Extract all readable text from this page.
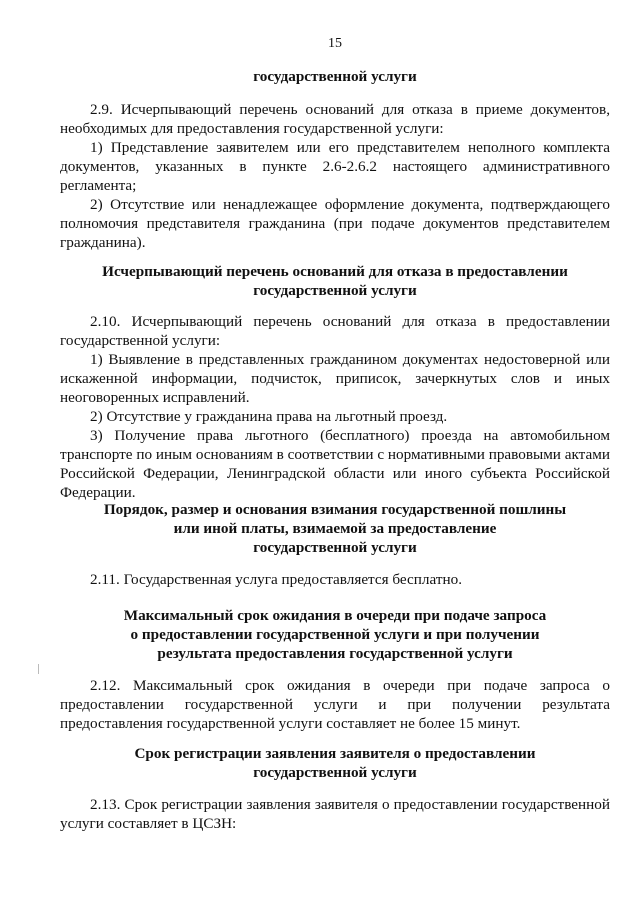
15
государственной услуги

2.9. Исчерпывающий перечень оснований для отказа в приеме документов, необходимых для предоставления государственной услуги:

1) Представление заявителем или его представителем неполного комплекта документов, указанных в пункте 2.6-2.6.2 настоящего административного регламента;

2) Отсутствие или ненадлежащее оформление документа, подтверждающего полномочия представителя гражданина (при подаче документов представителем гражданина).

Исчерпывающий перечень оснований для отказа в предоставлении
государственной услуги

2.10. Исчерпывающий перечень оснований для отказа в предоставлении государственной услуги:

1) Выявление в представленных гражданином документах недостоверной или искаженной информации, подчисток, приписок, зачеркнутых слов и иных неоговоренных исправлений.

2) Отсутствие у гражданина права на льготный проезд.

3) Получение права льготного (бесплатного) проезда на автомобильном транспорте по иным основаниям в соответствии с нормативными правовыми актами Российской Федерации, Ленинградской области или иного субъекта Российской Федерации.

Порядок, размер и основания взимания государственной пошлины
или иной платы, взимаемой за предоставление
государственной услуги

2.11. Государственная услуга предоставляется бесплатно.

Максимальный срок ожидания в очереди при подаче запроса
о предоставлении государственной услуги и при получении
результата предоставления государственной услуги

2.12. Максимальный срок ожидания в очереди при подаче запроса о предоставлении государственной услуги и при получении результата предоставления государственной услуги составляет не более 15 минут.

Срок регистрации заявления заявителя о предоставлении
государственной услуги

2.13. Срок регистрации заявления заявителя о предоставлении государственной услуги составляет в ЦСЗН:
